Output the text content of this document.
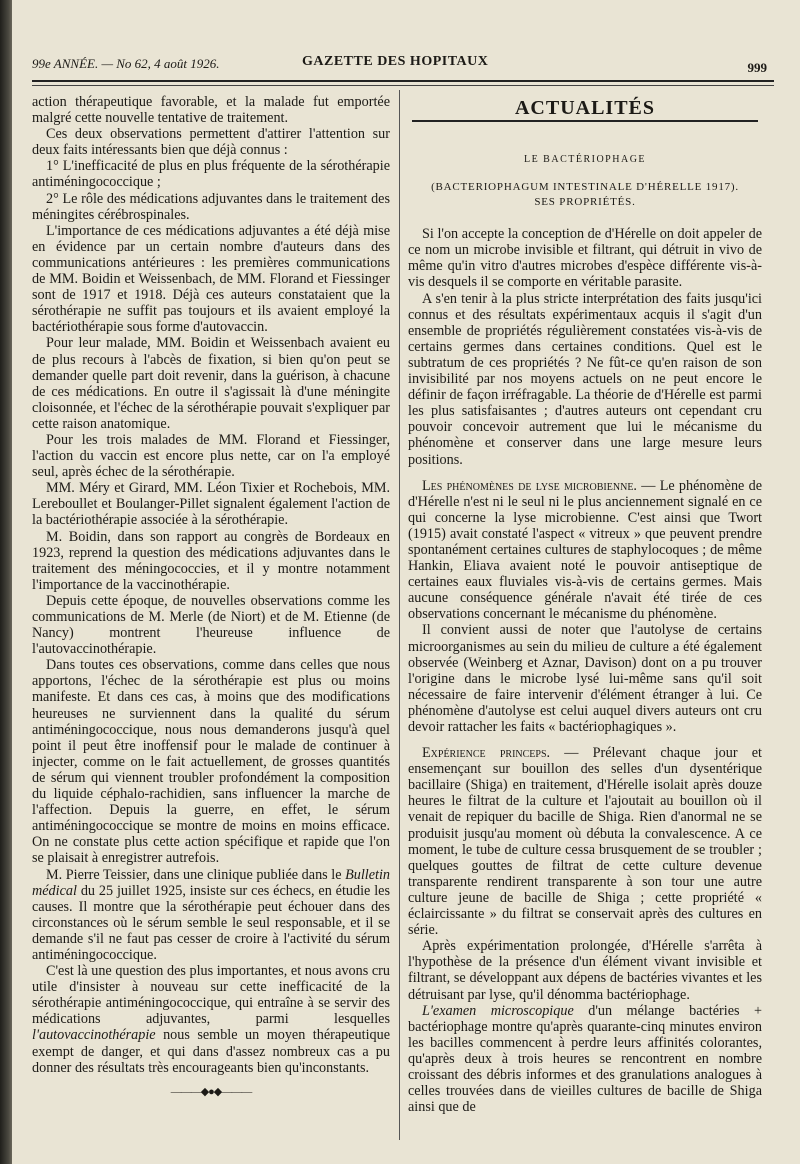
99e ANNÉE. — No 62, 4 août 1926.	GAZETTE DES HOPITAUX	999

action thérapeutique favorable, et la malade fut emportée malgré cette nouvelle tentative de traitement.

Ces deux observations permettent d'attirer l'attention sur deux faits intéressants bien que déjà connus :

1° L'inefficacité de plus en plus fréquente de la sérothérapie antiméningococcique ;

2° Le rôle des médications adjuvantes dans le traitement des méningites cérébrospinales.

L'importance de ces médications adjuvantes a été déjà mise en évidence par un certain nombre d'auteurs dans des communications antérieures : les premières communications de MM. Boidin et Weissenbach, de MM. Florand et Fiessinger sont de 1917 et 1918. Déjà ces auteurs constataient que la sérothérapie ne suffit pas toujours et ils avaient employé la bactériothérapie sous forme d'autovaccin.

Pour leur malade, MM. Boidin et Weissenbach avaient eu de plus recours à l'abcès de fixation, si bien qu'on peut se demander quelle part doit revenir, dans la guérison, à chacune de ces médications. En outre il s'agissait là d'une méningite cloisonnée, et l'échec de la sérothérapie pouvait s'expliquer par cette raison anatomique.

Pour les trois malades de MM. Florand et Fiessinger, l'action du vaccin est encore plus nette, car on l'a employé seul, après échec de la sérothérapie.

MM. Méry et Girard, MM. Léon Tixier et Rochebois, MM. Lereboullet et Boulanger-Pillet signalent également l'action de la bactériothérapie associée à la sérothérapie.

M. Boidin, dans son rapport au congrès de Bordeaux en 1923, reprend la question des médications adjuvantes dans le traitement des méningococcies, et il y montre notamment l'importance de la vaccinothérapie.

Depuis cette époque, de nouvelles observations comme les communications de M. Merle (de Niort) et de M. Etienne (de Nancy) montrent l'heureuse influence de l'autovaccinothérapie.

Dans toutes ces observations, comme dans celles que nous apportons, l'échec de la sérothérapie est plus ou moins manifeste. Et dans ces cas, à moins que des modifications heureuses ne surviennent dans la qualité du sérum antiméningococcique, nous nous demanderons jusqu'à quel point il peut être inoffensif pour le malade de continuer à injecter, comme on le fait actuellement, de grosses quantités de sérum qui viennent troubler profondément la composition du liquide céphalo-rachidien, sans influencer la marche de l'affection. Depuis la guerre, en effet, le sérum antiméningococcique se montre de moins en moins efficace. On ne constate plus cette action spécifique et rapide que l'on se plaisait à enregistrer autrefois.

M. Pierre Teissier, dans une clinique publiée dans le Bulletin médical du 25 juillet 1925, insiste sur ces échecs, en étudie les causes. Il montre que la sérothérapie peut échouer dans des circonstances où le sérum semble le seul responsable, et il se demande s'il ne faut pas cesser de croire à l'activité du sérum antiméningococcique.

C'est là une question des plus importantes, et nous avons cru utile d'insister à nouveau sur cette inefficacité de la sérothérapie antiméningococcique, qui entraîne à se servir des médications adjuvantes, parmi lesquelles l'autovaccinothérapie nous semble un moyen thérapeutique exempt de danger, et qui dans d'assez nombreux cas a pu donner des résultats très encourageants bien qu'inconstants.

———◆●◆———
ACTUALITÉS
LE BACTÉRIOPHAGE
(BACTERIOPHAGUM INTESTINALE D'HÉRELLE 1917).
SES PROPRIÉTÉS.

Si l'on accepte la conception de d'Hérelle on doit appeler de ce nom un microbe invisible et filtrant, qui détruit in vivo de même qu'in vitro d'autres microbes d'espèce différente vis-à-vis desquels il se comporte en véritable parasite.

A s'en tenir à la plus stricte interprétation des faits jusqu'ici connus et des résultats expérimentaux acquis il s'agit d'un ensemble de propriétés régulièrement constatées vis-à-vis de certains germes dans certaines conditions. Quel est le subtratum de ces propriétés ? Ne fût-ce qu'en raison de son invisibilité par nos moyens actuels on ne peut encore le définir de façon irréfragable. La théorie de d'Hérelle est parmi les plus satisfaisantes ; d'autres auteurs ont cependant cru pouvoir concevoir autrement que lui le mécanisme du phénomène et conserver dans une large mesure leurs positions.

Les phénomènes de lyse microbienne. — Le phénomène de d'Hérelle n'est ni le seul ni le plus anciennement signalé en ce qui concerne la lyse microbienne. C'est ainsi que Twort (1915) avait constaté l'aspect « vitreux » que peuvent prendre spontanément certaines cultures de staphylocoques ; de même Hankin, Eliava avaient noté le pouvoir antiseptique de certaines eaux fluviales vis-à-vis de certains germes. Mais aucune conséquence générale n'avait été tirée de ces observations concernant le mécanisme du phénomène.

Il convient aussi de noter que l'autolyse de certains microorganismes au sein du milieu de culture a été également observée (Weinberg et Aznar, Davison) dont on a pu trouver l'origine dans le microbe lysé lui-même sans qu'il soit nécessaire de faire intervenir d'élément étranger à lui. Ce phénomène d'autolyse est celui auquel divers auteurs ont cru devoir rattacher les faits « bactériophagiques ».

Expérience princeps. — Prélevant chaque jour et ensemençant sur bouillon des selles d'un dysentérique bacillaire (Shiga) en traitement, d'Hérelle isolait après douze heures le filtrat de la culture et l'ajoutait au bouillon où il venait de repiquer du bacille de Shiga. Rien d'anormal ne se produisit jusqu'au moment où débuta la convalescence. A ce moment, le tube de culture cessa brusquement de se troubler ; quelques gouttes de filtrat de cette culture devenue transparente rendirent transparente à son tour une autre culture jeune de bacille de Shiga ; cette propriété « éclaircissante » du filtrat se conservait après des cultures en série.

Après expérimentation prolongée, d'Hérelle s'arrêta à l'hypothèse de la présence d'un élément vivant invisible et filtrant, se développant aux dépens de bactéries vivantes et les détruisant par lyse, qu'il dénomma bactériophage.

L'examen microscopique d'un mélange bactéries + bactériophage montre qu'après quarante-cinq minutes environ les bacilles commencent à perdre leurs affinités colorantes, qu'après deux à trois heures se rencontrent en nombre croissant des débris informes et des granulations analogues à celles trouvées dans de vieilles cultures de bacille de Shiga ainsi que de
